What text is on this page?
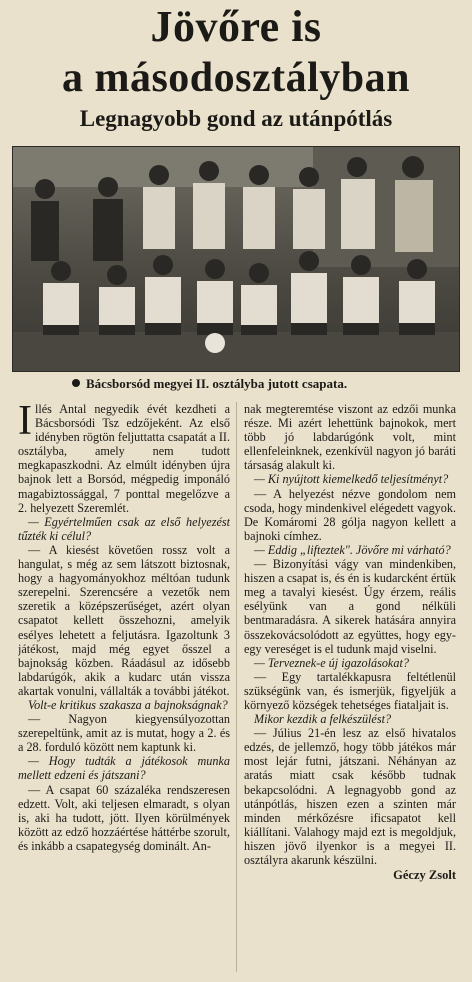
Jövőre is
a másodosztályban
Legnagyobb gond az utánpótlás
Bácsborsód megyei II. osztályba jutott csapata.

Illés Antal negyedik évét kezdheti a Bácsborsódi Tsz edzőjeként. Az első idényben rögtön feljuttatta csapatát a II. osztályba, amely nem tudott megkapaszkodni. Az elmúlt idényben újra bajnok lett a Borsód, mégpedig imponáló magabiztossággal, 7 ponttal megelőzve a 2. helyezett Szeremlét.

— Egyértelműen csak az első helyezést tűzték ki célul?

— A kiesést követően rossz volt a hangulat, s még az sem látszott biztosnak, hogy a hagyományokhoz méltóan tudunk szerepelni. Szerencsére a vezetők nem szeretik a középszerűséget, azért olyan csapatot kellett összehozni, amelyik esélyes lehetett a feljutásra. Igazoltunk 3 játékost, majd még egyet ősszel a bajnokság közben. Ráadásul az idősebb labdarúgók, akik a kudarc után vissza akartak vonulni, vállalták a további játékot.

Volt-e kritikus szakasza a bajnokságnak?

— Nagyon kiegyensúlyozottan szerepeltünk, amit az is mutat, hogy a 2. és a 28. forduló között nem kaptunk ki.

— Hogy tudták a játékosok munka mellett edzeni és játszani?

— A csapat 60 százaléka rendszeresen edzett. Volt, aki teljesen elmaradt, s olyan is, aki ha tudott, jött. Ilyen körülmények között az edző hozzáértése háttérbe szorult, és inkább a csapategység dominált. An-

nak megteremtése viszont az edzői munka része. Mi azért lehettünk bajnokok, mert több jó labdarúgónk volt, mint ellenfeleinknek, ezenkívül nagyon jó baráti társaság alakult ki.

— Ki nyújtott kiemelkedő teljesítményt?

— A helyezést nézve gondolom nem csoda, hogy mindenkivel elégedett vagyok. De Komáromi 28 gólja nagyon kellett a bajnoki címhez.

— Eddig „lifteztek". Jövőre mi várható?

— Bizonyítási vágy van mindenkiben, hiszen a csapat is, és én is kudarcként értük meg a tavalyi kiesést. Úgy érzem, reális esélyünk van a gond nélküli bentmaradásra. A sikerek hatására annyira összekovácsolódott az együttes, hogy egy-egy vereséget is el tudunk majd viselni.

— Terveznek-e új igazolásokat?

— Egy tartalékkapusra feltétlenül szükségünk van, és ismerjük, figyeljük a környező községek tehetséges fiataljait is.

Mikor kezdik a felkészülést?

— Július 21-én lesz az első hivatalos edzés, de jellemző, hogy több játékos már most lejár futni, játszani. Néhányan az aratás miatt csak később tudnak bekapcsolódni. A legnagyobb gond az utánpótlás, hiszen ezen a szinten már minden mérkőzésre ificsapatot kell kiállítani. Valahogy majd ezt is megoldjuk, hiszen jövő ilyenkor is a megyei II. osztályra akarunk készülni.

Géczy Zsolt
